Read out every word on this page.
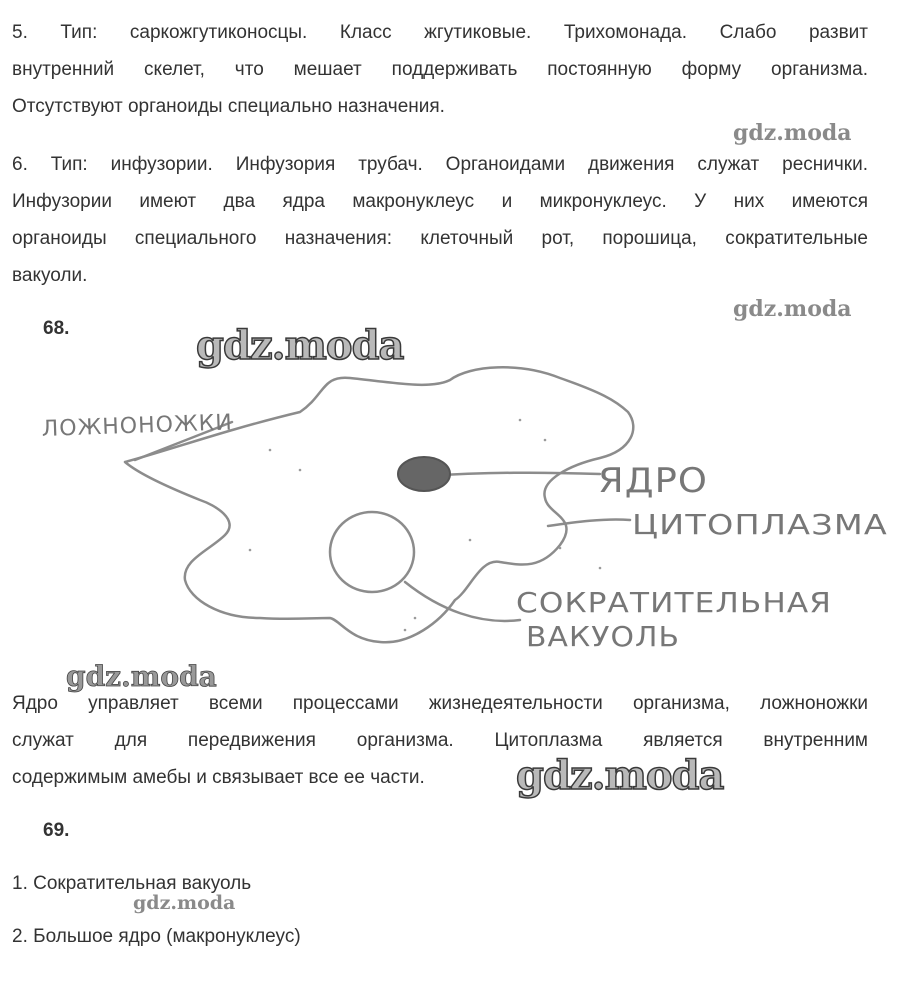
5. Тип: саркожгутиконосцы. Класс жгутиковые. Трихомонада. Слабо развит
внутренний скелет, что мешает поддерживать постоянную форму организма.
Отсутствуют органоиды специально назначения.
gdz.moda
6. Тип: инфузории. Инфузория трубач. Органоидами движения служат реснички.
Инфузории имеют два ядра макронуклеус и микронуклеус. У них имеются
органоиды специального назначения: клеточный рот, порошица, сократительные
вакуоли.
gdz.moda
68.	gdz.moda
ЛОЖНОНОЖКИ
ЯДРО
ЦИТОПЛАЗМА
СОКРАТИТЕЛЬНАЯ
ВАКУОЛЬ
gdz.moda
Ядро управляет всеми процессами жизнедеятельности организма, ложноножки
служат для передвижения организма. Цитоплазма является внутренним
содержимым амебы и связывает все ее части.	gdz.moda
69.
1. Сократительная вакуоль
gdz.moda
2. Большое ядро (макронуклеус)
